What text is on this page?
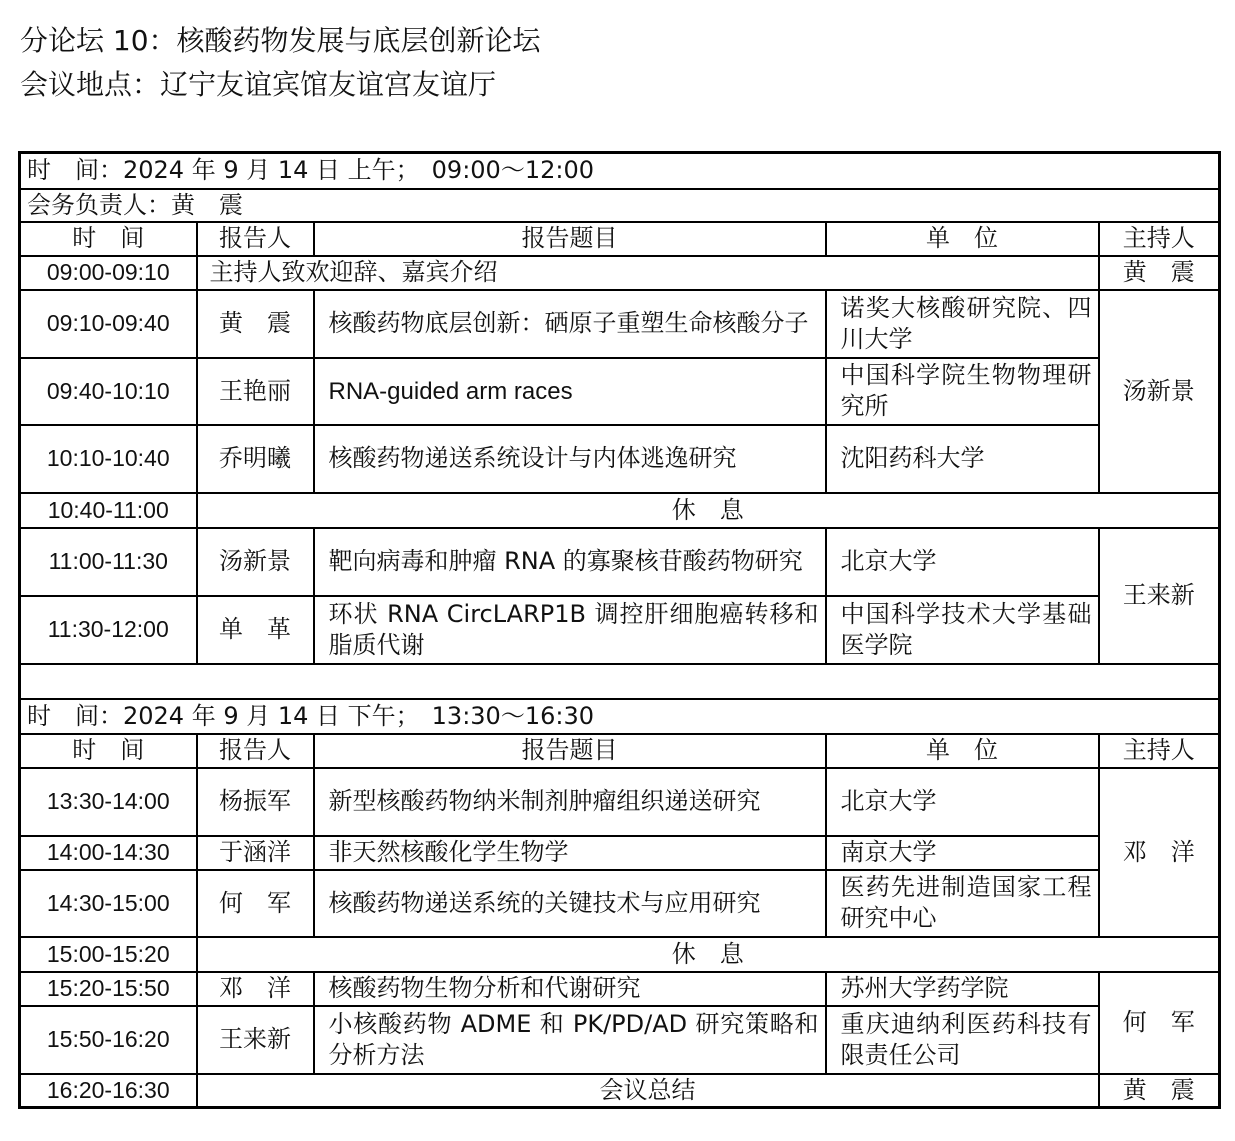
分论坛 10：核酸药物发展与底层创新论坛
会议地点：辽宁友谊宾馆友谊宫友谊厅
时　间：2024 年 9 月 14 日 上午；　09:00～12:00				
会务负责人：黄　震				
时　间	报告人	报告题目	单　位	主持人
09:00-09:10	主持人致欢迎辞、嘉宾介绍			黄　震
09:10-09:40	黄　震	核酸药物底层创新：硒原子重塑生命核酸分子	诺奖大核酸研究院、四川大学	汤新景
09:40-10:10	王艳丽	RNA-guided arm races	中国科学院生物物理研究所	
10:10-10:40	乔明曦	核酸药物递送系统设计与内体逃逸研究	沈阳药科大学	
10:40-11:00	休　息			
11:00-11:30	汤新景	靶向病毒和肿瘤 RNA 的寡聚核苷酸药物研究	北京大学	王来新
11:30-12:00	单　革	环状 RNA CircLARP1B 调控肝细胞癌转移和脂质代谢	中国科学技术大学基础医学院	

时　间：2024 年 9 月 14 日 下午；　13:30～16:30				
时　间	报告人	报告题目	单　位	主持人
13:30-14:00	杨振军	新型核酸药物纳米制剂肿瘤组织递送研究	北京大学	邓　洋
14:00-14:30	于涵洋	非天然核酸化学生物学	南京大学	
14:30-15:00	何　军	核酸药物递送系统的关键技术与应用研究	医药先进制造国家工程研究中心	
15:00-15:20	休　息			
15:20-15:50	邓　洋	核酸药物生物分析和代谢研究	苏州大学药学院	何　军
15:50-16:20	王来新	小核酸药物 ADME 和 PK/PD/AD 研究策略和分析方法	重庆迪纳利医药科技有限责任公司	
16:20-16:30	会议总结			黄　震
